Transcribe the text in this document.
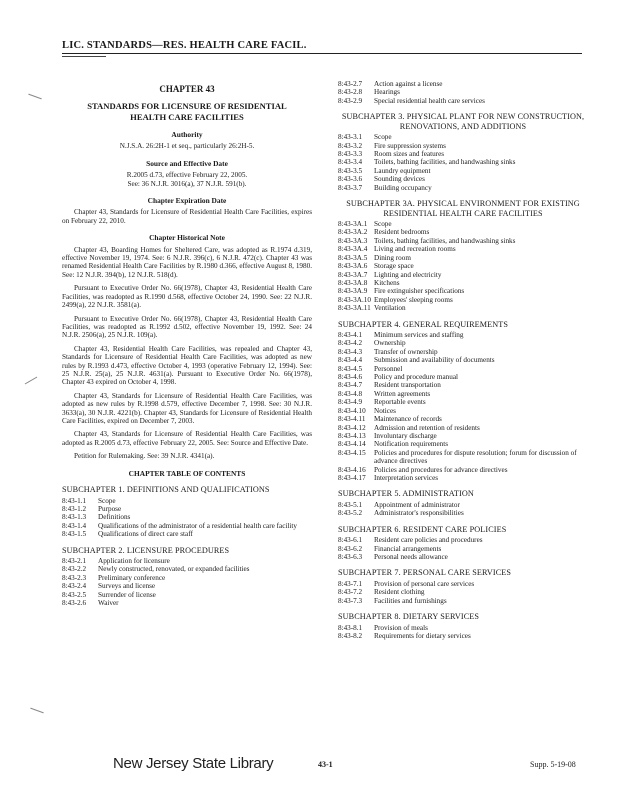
LIC. STANDARDS—RES. HEALTH CARE FACIL.
CHAPTER 43
STANDARDS FOR LICENSURE OF RESIDENTIAL
HEALTH CARE FACILITIES
Authority
N.J.S.A. 26:2H-1 et seq., particularly 26:2H-5.
Source and Effective Date
R.2005 d.73, effective February 22, 2005.
See: 36 N.J.R. 3016(a), 37 N.J.R. 591(b).
Chapter Expiration Date

Chapter 43, Standards for Licensure of Residential Health Care Facilities, expires on February 22, 2010.

Chapter Historical Note

Chapter 43, Boarding Homes for Sheltered Care, was adopted as R.1974 d.319, effective November 19, 1974. See: 6 N.J.R. 396(c), 6 N.J.R. 472(c). Chapter 43 was renamed Residential Health Care Facilities by R.1980 d.366, effective August 8, 1980. See: 12 N.J.R. 394(b), 12 N.J.R. 518(d).

Pursuant to Executive Order No. 66(1978), Chapter 43, Residential Health Care Facilities, was readopted as R.1990 d.568, effective October 24, 1990. See: 22 N.J.R. 2499(a), 22 N.J.R. 3581(a).

Pursuant to Executive Order No. 66(1978), Chapter 43, Residential Health Care Facilities, was readopted as R.1992 d.502, effective November 19, 1992. See: 24 N.J.R. 2506(a), 25 N.J.R. 109(a).

Chapter 43, Residential Health Care Facilities, was repealed and Chapter 43, Standards for Licensure of Residential Health Care Facilities, was adopted as new rules by R.1993 d.473, effective October 4, 1993 (operative February 12, 1994). See: 25 N.J.R. 25(a), 25 N.J.R. 4631(a). Pursuant to Executive Order No. 66(1978), Chapter 43 expired on October 4, 1998.

Chapter 43, Standards for Licensure of Residential Health Care Facilities, was adopted as new rules by R.1998 d.579, effective December 7, 1998. See: 30 N.J.R. 3633(a), 30 N.J.R. 4221(b). Chapter 43, Standards for Licensure of Residential Health Care Facilities, expired on December 7, 2003.

Chapter 43, Standards for Licensure of Residential Health Care Facilities, was adopted as R.2005 d.73, effective February 22, 2005. See: Source and Effective Date.

Petition for Rulemaking. See: 39 N.J.R. 4341(a).

CHAPTER TABLE OF CONTENTS
SUBCHAPTER 1. DEFINITIONS AND QUALIFICATIONS
8:43-1.1	Scope
8:43-1.2	Purpose
8:43-1.3	Definitions
8:43-1.4	Qualifications of the administrator of a residential health care facility
8:43-1.5	Qualifications of direct care staff
SUBCHAPTER 2. LICENSURE PROCEDURES
8:43-2.1	Application for licensure
8:43-2.2	Newly constructed, renovated, or expanded facilities
8:43-2.3	Preliminary conference
8:43-2.4	Surveys and license
8:43-2.5	Surrender of license
8:43-2.6	Waiver
8:43-2.7	Action against a license
8:43-2.8	Hearings
8:43-2.9	Special residential health care services
SUBCHAPTER 3. PHYSICAL PLANT FOR NEW CONSTRUCTION, RENOVATIONS, AND ADDITIONS
8:43-3.1	Scope
8:43-3.2	Fire suppression systems
8:43-3.3	Room sizes and features
8:43-3.4	Toilets, bathing facilities, and handwashing sinks
8:43-3.5	Laundry equipment
8:43-3.6	Sounding devices
8:43-3.7	Building occupancy
SUBCHAPTER 3A. PHYSICAL ENVIRONMENT FOR EXISTING RESIDENTIAL HEALTH CARE FACILITIES
8:43-3A.1 Scope
8:43-3A.2 Resident bedrooms
8:43-3A.3 Toilets, bathing facilities, and handwashing sinks
8:43-3A.4 Living and recreation rooms
8:43-3A.5 Dining room
8:43-3A.6 Storage space
8:43-3A.7 Lighting and electricity
8:43-3A.8 Kitchens
8:43-3A.9 Fire extinguisher specifications
8:43-3A.10 Employees' sleeping rooms
8:43-3A.11 Ventilation
SUBCHAPTER 4. GENERAL REQUIREMENTS
8:43-4.1	Minimum services and staffing
8:43-4.2	Ownership
8:43-4.3	Transfer of ownership
8:43-4.4	Submission and availability of documents
8:43-4.5	Personnel
8:43-4.6	Policy and procedure manual
8:43-4.7	Resident transportation
8:43-4.8	Written agreements
8:43-4.9	Reportable events
8:43-4.10	Notices
8:43-4.11	Maintenance of records
8:43-4.12	Admission and retention of residents
8:43-4.13	Involuntary discharge
8:43-4.14	Notification requirements
8:43-4.15	Policies and procedures for dispute resolution; forum for discussion of advance directives
8:43-4.16	Policies and procedures for advance directives
8:43-4.17	Interpretation services
SUBCHAPTER 5. ADMINISTRATION
8:43-5.1	Appointment of administrator
8:43-5.2	Administrator's responsibilities
SUBCHAPTER 6. RESIDENT CARE POLICIES
8:43-6.1	Resident care policies and procedures
8:43-6.2	Financial arrangements
8:43-6.3	Personal needs allowance
SUBCHAPTER 7. PERSONAL CARE SERVICES
8:43-7.1	Provision of personal care services
8:43-7.2	Resident clothing
8:43-7.3	Facilities and furnishings
SUBCHAPTER 8. DIETARY SERVICES
8:43-8.1	Provision of meals
8:43-8.2	Requirements for dietary services
New Jersey State Library	43-1	Supp. 5-19-08
